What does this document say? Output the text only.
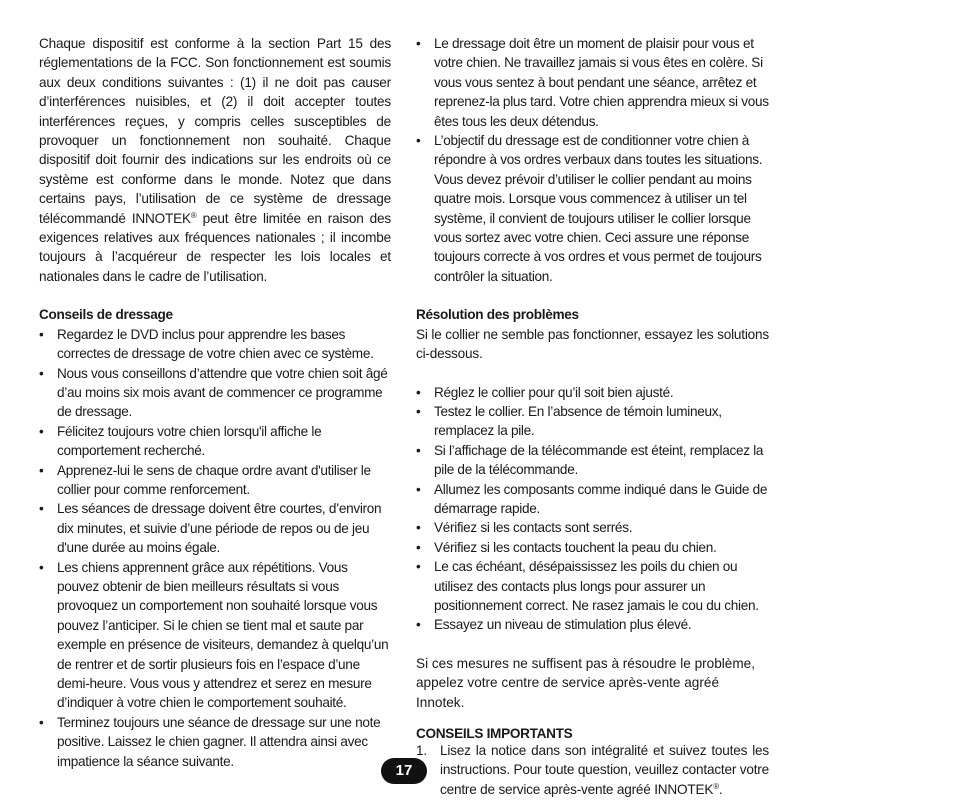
Chaque dispositif est conforme à la section Part 15 des réglementations de la FCC. Son fonctionnement est soumis aux deux conditions suivantes : (1) il ne doit pas causer d’interférences nuisibles, et (2) il doit accepter toutes interférences reçues, y compris celles susceptibles de provoquer un fonctionnement non souhaité. Chaque dispositif doit fournir des indications sur les endroits où ce système est conforme dans le monde. Notez que dans certains pays, l’utilisation de ce système de dressage télécommandé INNOTEK® peut être limitée en raison des exigences relatives aux fréquences nationales ; il incombe toujours à l’acquéreur de respecter les lois locales et nationales dans le cadre de l’utilisation.

Conseils de dressage

• Regardez le DVD inclus pour apprendre les bases correctes de dressage de votre chien avec ce système.
• Nous vous conseillons d’attendre que votre chien soit âgé d’au moins six mois avant de commencer ce programme de dressage.
• Félicitez toujours votre chien lorsqu'il affiche le comportement recherché.
• Apprenez-lui le sens de chaque ordre avant d'utiliser le collier pour comme renforcement.
• Les séances de dressage doivent être courtes, d’environ dix minutes, et suivie d’une période de repos ou de jeu d'une durée au moins égale.
• Les chiens apprennent grâce aux répétitions. Vous pouvez obtenir de bien meilleurs résultats si vous provoquez un comportement non souhaité lorsque vous pouvez l’anticiper. Si le chien se tient mal et saute par exemple en présence de visiteurs, demandez à quelqu’un de rentrer et de sortir plusieurs fois en l’espace d’une demi-heure. Vous vous y attendrez et serez en mesure d’indiquer à votre chien le comportement souhaité.
• Terminez toujours une séance de dressage sur une note positive. Laissez le chien gagner. Il attendra ainsi avec impatience la séance suivante.
• Le dressage doit être un moment de plaisir pour vous et votre chien. Ne travaillez jamais si vous êtes en colère. Si vous vous sentez à bout pendant une séance, arrêtez et reprenez-la plus tard. Votre chien apprendra mieux si vous êtes tous les deux détendus.
• L’objectif du dressage est de conditionner votre chien à répondre à vos ordres verbaux dans toutes les situations. Vous devez prévoir d’utiliser le collier pendant au moins quatre mois. Lorsque vous commencez à utiliser un tel système, il convient de toujours utiliser le collier lorsque vous sortez avec votre chien. Ceci assure une réponse toujours correcte à vos ordres et vous permet de toujours contrôler la situation.

Résolution des problèmes

Si le collier ne semble pas fonctionner, essayez les solutions ci-dessous.

• Réglez le collier pour qu’il soit bien ajusté.
• Testez le collier. En l’absence de témoin lumineux, remplacez la pile.
• Si l’affichage de la télécommande est éteint, remplacez la pile de la télécommande.
• Allumez les composants comme indiqué dans le Guide de démarrage rapide.
• Vérifiez si les contacts sont serrés.
• Vérifiez si les contacts touchent la peau du chien.
• Le cas échéant, désépaississez les poils du chien ou utilisez des contacts plus longs pour assurer un positionnement correct. Ne rasez jamais le cou du chien.
• Essayez un niveau de stimulation plus élevé.

Si ces mesures ne suffisent pas à résoudre le problème, appelez votre centre de service après-vente agréé Innotek.

CONSEILS IMPORTANTS

1. Lisez la notice dans son intégralité et suivez toutes les instructions. Pour toute question, veuillez contacter votre centre de service après-vente agréé INNOTEK®.
17
